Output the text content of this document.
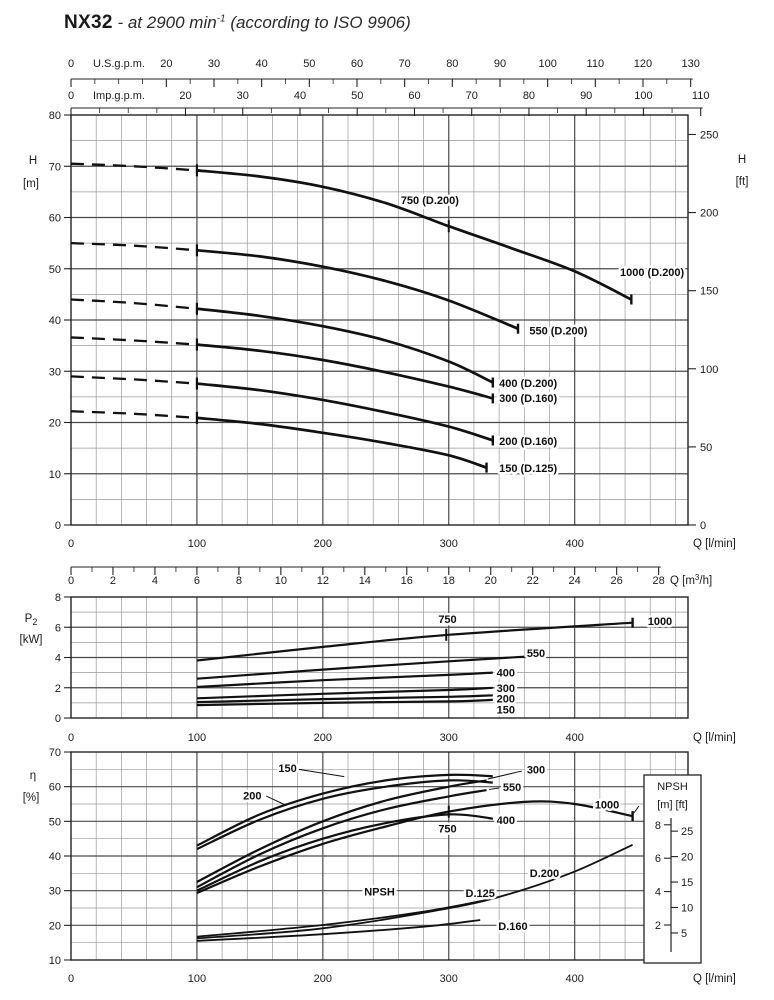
NX32 - at 2900 $\min^{-1}$ (according to ISO 9906)
0	20	30	40	50	60	70	80	90	100	110	120	130
U.S.g.p.m.
0	20	30	40	50	60	70	80	90	100	110
Imp.g.p.m.
0	2	4	6	8	10	12	14	16	18	20	22	24	26	28 Q $[m^3/h]$
0
10
20
30
40
50
60
70
80
0
50
100
150
200
250
H
[ft]
H
[m]
0	100	200	300	400	Q [l/min]
750 (D.200)
1000 (D.200)
550 (D.200)
400 (D.200)
300 (D.160)
200 (D.160)
150 (D.125)
0
2
4
6
8
$P_2$
[kW]
0	100	200	300	400	Q [l/min]
750	1000
550
400
300
200
150
10
20
30
40
50
60
70
η
[%]
0	100	200	300	400	Q [l/min]
D.125
D.160
D.200
150
200
300
550
400
750
1000
NPSH
NPSH
[m] [ft]
2
4
6
8
5
10
15
20
25
